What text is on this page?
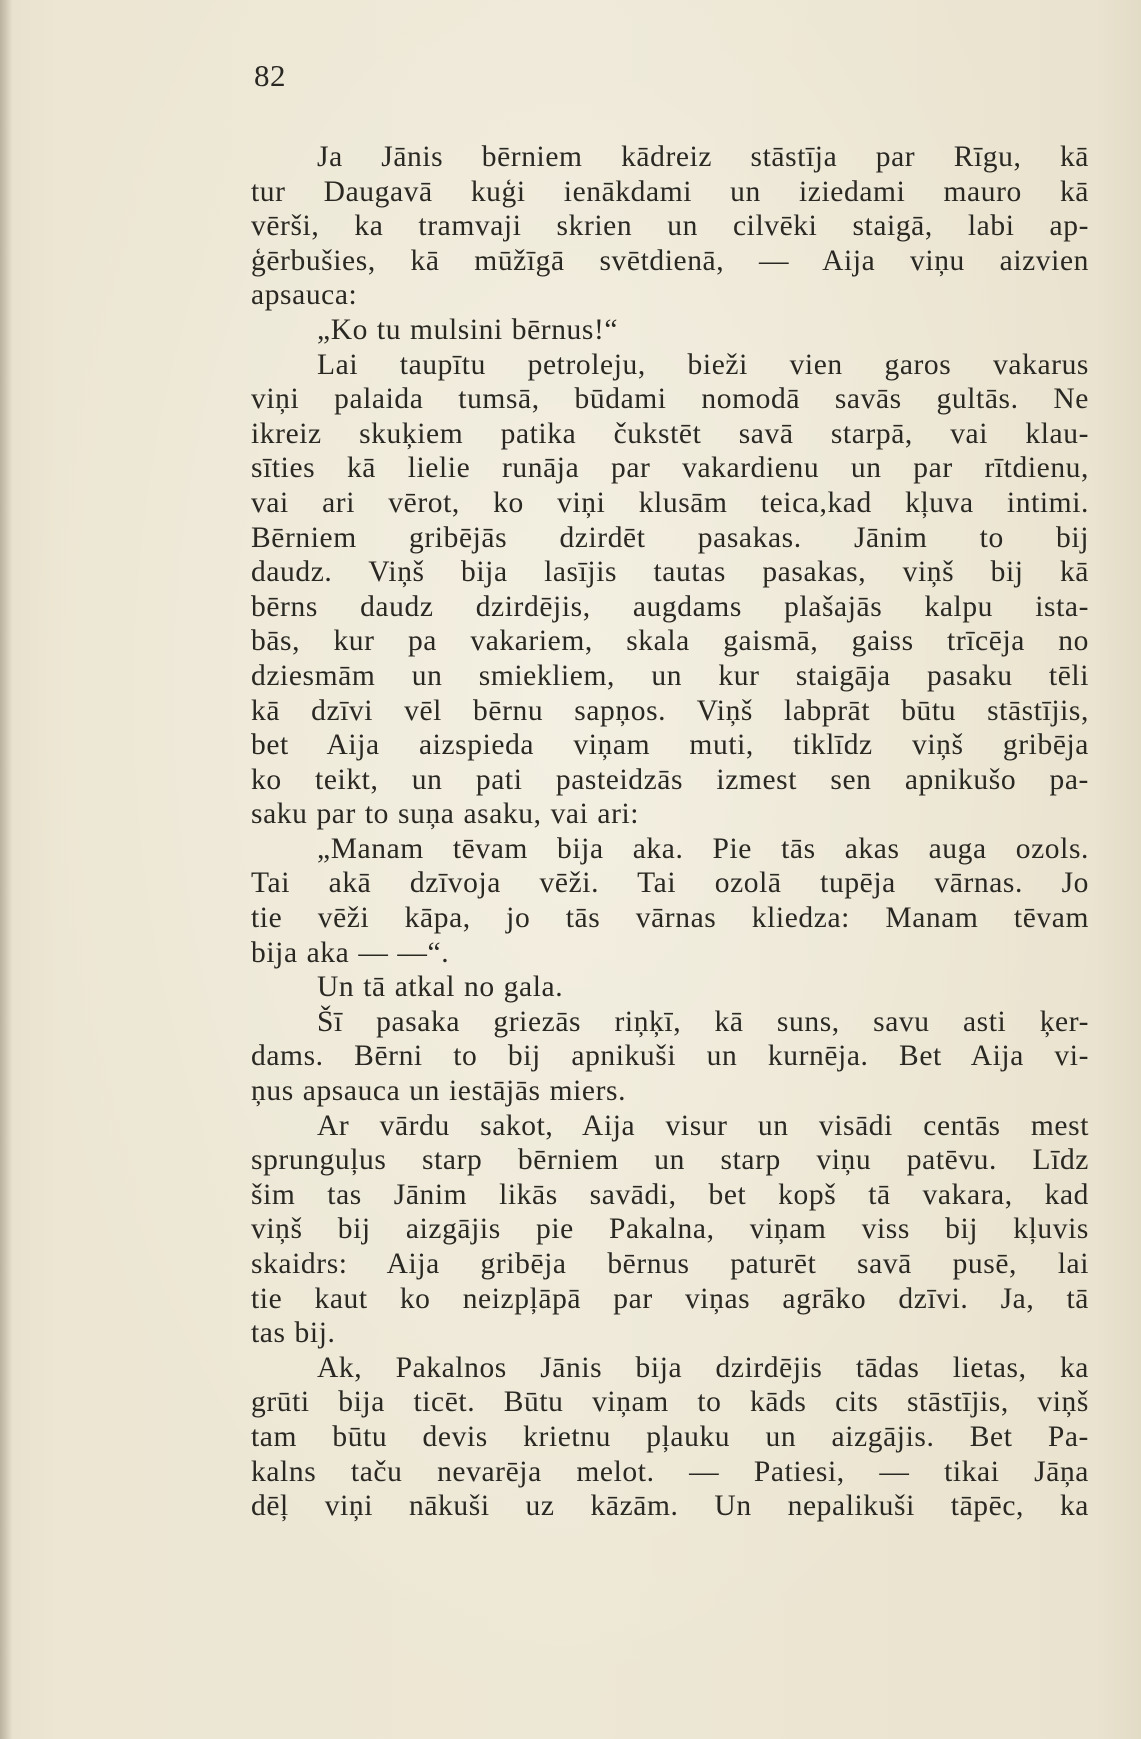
82
Ja Jānis bērniem kādreiz stāstīja par Rīgu, kā
tur Daugavā kuģi ienākdami un iziedami mauro kā
vērši, ka tramvaji skrien un cilvēki staigā, labi ap-
ģērbušies, kā mūžīgā svētdienā, — Aija viņu aizvien
apsauca:
„Ko tu mulsini bērnus!“
Lai taupītu petroleju, bieži vien garos vakarus
viņi palaida tumsā, būdami nomodā savās gultās. Ne
ikreiz skuķiem patika čukstēt savā starpā, vai klau-
sīties kā lielie runāja par vakardienu un par rītdienu,
vai ari vērot, ko viņi klusām teica,kad kļuva intimi.
Bērniem gribējās dzirdēt pasakas. Jānim to bij
daudz. Viņš bija lasījis tautas pasakas, viņš bij kā
bērns daudz dzirdējis, augdams plašajās kalpu ista-
bās, kur pa vakariem, skala gaismā, gaiss trīcēja no
dziesmām un smiekliem, un kur staigāja pasaku tēli
kā dzīvi vēl bērnu sapņos. Viņš labprāt būtu stāstījis,
bet Aija aizspieda viņam muti, tiklīdz viņš gribēja
ko teikt, un pati pasteidzās izmest sen apnikušo pa-
saku par to suņa asaku, vai ari:
„Manam tēvam bija aka. Pie tās akas auga ozols.
Tai akā dzīvoja vēži. Tai ozolā tupēja vārnas. Jo
tie vēži kāpa, jo tās vārnas kliedza: Manam tēvam
bija aka — —“.
Un tā atkal no gala.
Šī pasaka griezās riņķī, kā suns, savu asti ķer-
dams. Bērni to bij apnikuši un kurnēja. Bet Aija vi-
ņus apsauca un iestājās miers.
Ar vārdu sakot, Aija visur un visādi centās mest
sprunguļus starp bērniem un starp viņu patēvu. Līdz
šim tas Jānim likās savādi, bet kopš tā vakara, kad
viņš bij aizgājis pie Pakalna, viņam viss bij kļuvis
skaidrs: Aija gribēja bērnus paturēt savā pusē, lai
tie kaut ko neizpļāpā par viņas agrāko dzīvi. Ja, tā
tas bij.
Ak, Pakalnos Jānis bija dzirdējis tādas lietas, ka
grūti bija ticēt. Būtu viņam to kāds cits stāstījis, viņš
tam būtu devis krietnu pļauku un aizgājis. Bet Pa-
kalns taču nevarēja melot. — Patiesi, — tikai Jāņa
dēļ viņi nākuši uz kāzām. Un nepalikuši tāpēc, ka
